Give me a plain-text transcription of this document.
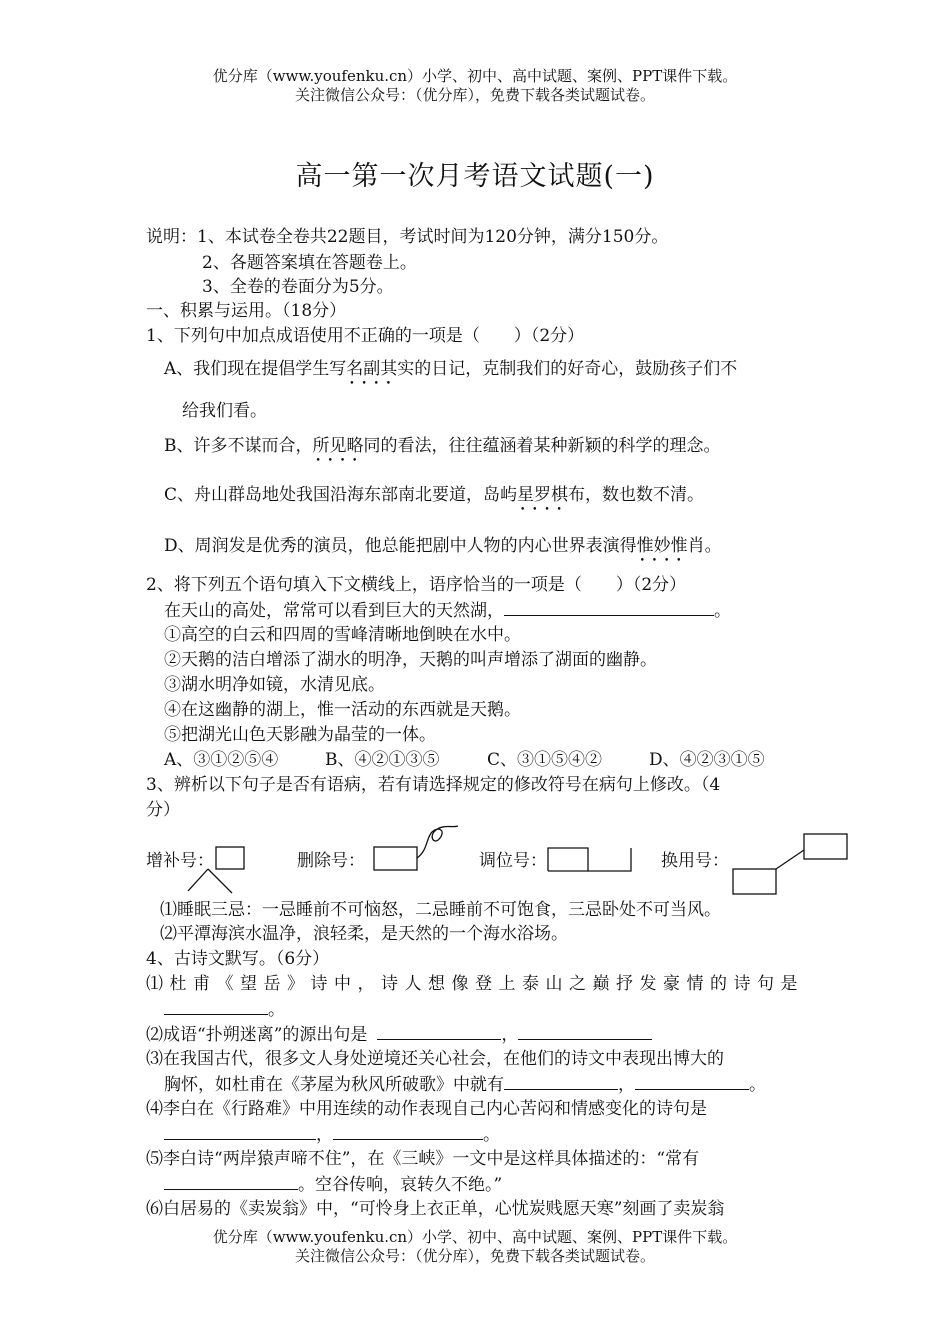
优分库（www.youfenku.cn）小学、初中、高中试题、案例、PPT课件下载。
关注微信公众号：（优分库），免费下载各类试题试卷。
高一第一次月考语文试题(一)
说明：1、本试卷全卷共22题目，考试时间为120分钟，满分150分。
2、各题答案填在答题卷上。
3、全卷的卷面分为5分。
一、积累与运用。（18分）
1、下列句中加点成语使用不正确的一项是（　　）（2分）
A、我们现在提倡学生写名副其实 • • • •的日记，克制我们的好奇心，鼓励孩子们不
给我们看。
B、许多不谋而合，所见略同 • • • •的看法，往往蕴涵着某种新颖的科学的理念。
C、舟山群岛地处我国沿海东部南北要道，岛屿星罗棋布 • • • •，数也数不清。
D、周润发是优秀的演员，他总能把剧中人物的内心世界表演得惟妙惟肖 • • • •。
2、将下列五个语句填入下文横线上，语序恰当的一项是（　　）（2分）
在天山的高处，常常可以看到巨大的天然湖，	。
①高空的白云和四周的雪峰清晰地倒映在水中。
②天鹅的洁白增添了湖水的明净，天鹅的叫声增添了湖面的幽静。
③湖水明净如镜，水清见底。
④在这幽静的湖上，惟一活动的东西就是天鹅。
⑤把湖光山色天影融为晶莹的一体。
A、③①②⑤④	B、④②①③⑤	C、③①⑤④②	D、④②③①⑤
3、辨析以下句子是否有语病，若有请选择规定的修改符号在病句上修改。（4
分）
增补号：	删除号：	调位号：	换用号：
⑴睡眠三忌：一忌睡前不可恼怒，二忌睡前不可饱食，三忌卧处不可当风。
⑵平潭海滨水温净，浪轻柔，是天然的一个海水浴场。
4、古诗文默写。（6分）
⑴杜甫《望岳》诗中，诗人想像登上泰山之巅抒发豪情的诗句是
。
⑵成语“扑朔迷离”的源出句是	，
⑶在我国古代，很多文人身处逆境还关心社会，在他们的诗文中表现出博大的
胸怀，如杜甫在《茅屋为秋风所破歌》中就有	，	。
⑷李白在《行路难》中用连续的动作表现自己内心苦闷和情感变化的诗句是
，	。
⑸李白诗“两岸猿声啼不住”，在《三峡》一文中是这样具体描述的：“常有
。空谷传响，哀转久不绝。”
⑹白居易的《卖炭翁》中，“可怜身上衣正单，心忧炭贱愿天寒”刻画了卖炭翁
优分库（www.youfenku.cn）小学、初中、高中试题、案例、PPT课件下载。
关注微信公众号：（优分库），免费下载各类试题试卷。
